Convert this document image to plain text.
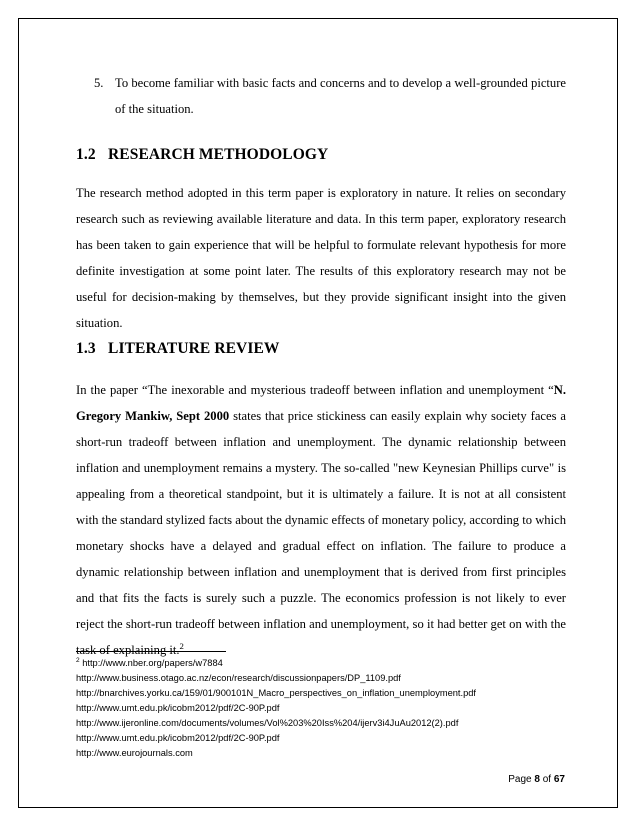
5. To become familiar with basic facts and concerns and to develop a well-grounded picture of the situation.
1.2 RESEARCH METHODOLOGY

The research method adopted in this term paper is exploratory in nature. It relies on secondary research such as reviewing available literature and data. In this term paper, exploratory research has been taken to gain experience that will be helpful to formulate relevant hypothesis for more definite investigation at some point later. The results of this exploratory research may not be useful for decision-making by themselves, but they provide significant insight into the given situation.

1.3 LITERATURE REVIEW

In the paper “The inexorable and mysterious tradeoff between inflation and unemployment “N. Gregory Mankiw, Sept 2000 states that price stickiness can easily explain why society faces a short-run tradeoff between inflation and unemployment. The dynamic relationship between inflation and unemployment remains a mystery. The so-called "new Keynesian Phillips curve" is appealing from a theoretical standpoint, but it is ultimately a failure. It is not at all consistent with the standard stylized facts about the dynamic effects of monetary policy, according to which monetary shocks have a delayed and gradual effect on inflation. The failure to produce a dynamic relationship between inflation and unemployment that is derived from first principles and that fits the facts is surely such a puzzle. The economics profession is not likely to ever reject the short-run tradeoff between inflation and unemployment, so it had better get on with the task of explaining it.$^2$

$^2$ http://www.nber.org/papers/w7884
http://www.business.otago.ac.nz/econ/research/discussionpapers/DP_1109.pdf
http://bnarchives.yorku.ca/159/01/900101N_Macro_perspectives_on_inflation_unemployment.pdf
http://www.umt.edu.pk/icobm2012/pdf/2C-90P.pdf
http://www.ijeronline.com/documents/volumes/Vol%203%20Iss%204/ijerv3i4JuAu2012(2).pdf
http://www.umt.edu.pk/icobm2012/pdf/2C-90P.pdf
http://www.eurojournals.com
Page 8 of 67
